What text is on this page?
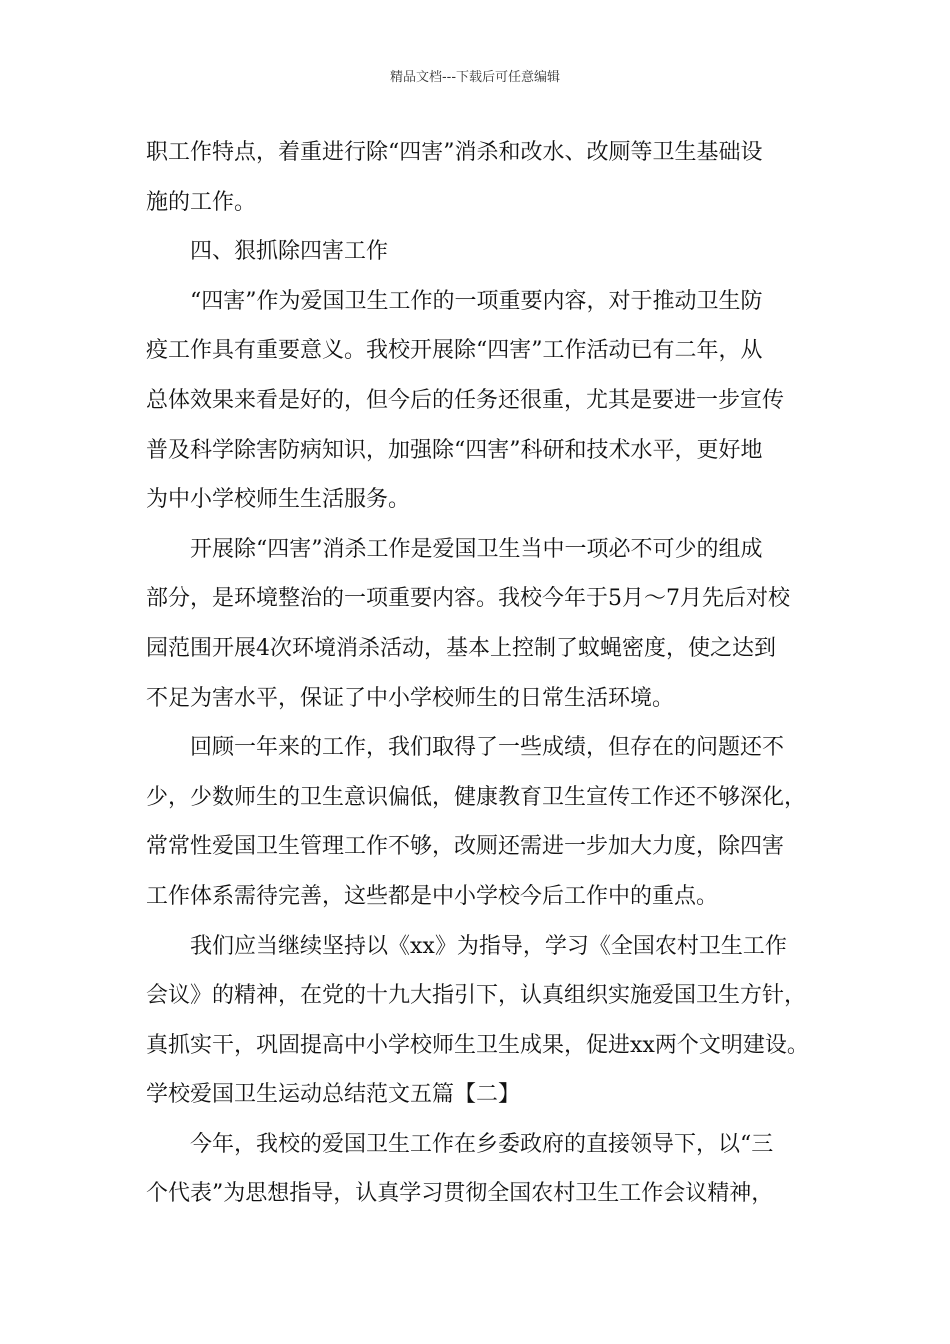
精品文档---下载后可任意编辑
职工作特点，着重进行除“四害”消杀和改水、改厕等卫生基础设
施的工作。
四、狠抓除四害工作
“四害”作为爱国卫生工作的一项重要内容，对于推动卫生防
疫工作具有重要意义。我校开展除“四害”工作活动已有二年，从
总体效果来看是好的，但今后的任务还很重，尤其是要进一步宣传
普及科学除害防病知识，加强除“四害”科研和技术水平，更好地
为中小学校师生生活服务。
开展除“四害”消杀工作是爱国卫生当中一项必不可少的组成
部分，是环境整治的一项重要内容。我校今年于5月～7月先后对校
园范围开展4次环境消杀活动，基本上控制了蚊蝇密度，使之达到
不足为害水平，保证了中小学校师生的日常生活环境。
回顾一年来的工作，我们取得了一些成绩，但存在的问题还不
少，少数师生的卫生意识偏低，健康教育卫生宣传工作还不够深化，
常常性爱国卫生管理工作不够，改厕还需进一步加大力度，除四害
工作体系需待完善，这些都是中小学校今后工作中的重点。
我们应当继续坚持以《xx》为指导，学习《全国农村卫生工作
会议》的精神，在党的十九大指引下，认真组织实施爱国卫生方针，
真抓实干，巩固提高中小学校师生卫生成果，促进xx两个文明建设。
学校爱国卫生运动总结范文五篇【二】
今年，我校的爱国卫生工作在乡委政府的直接领导下，以“三
个代表”为思想指导，认真学习贯彻全国农村卫生工作会议精神，
